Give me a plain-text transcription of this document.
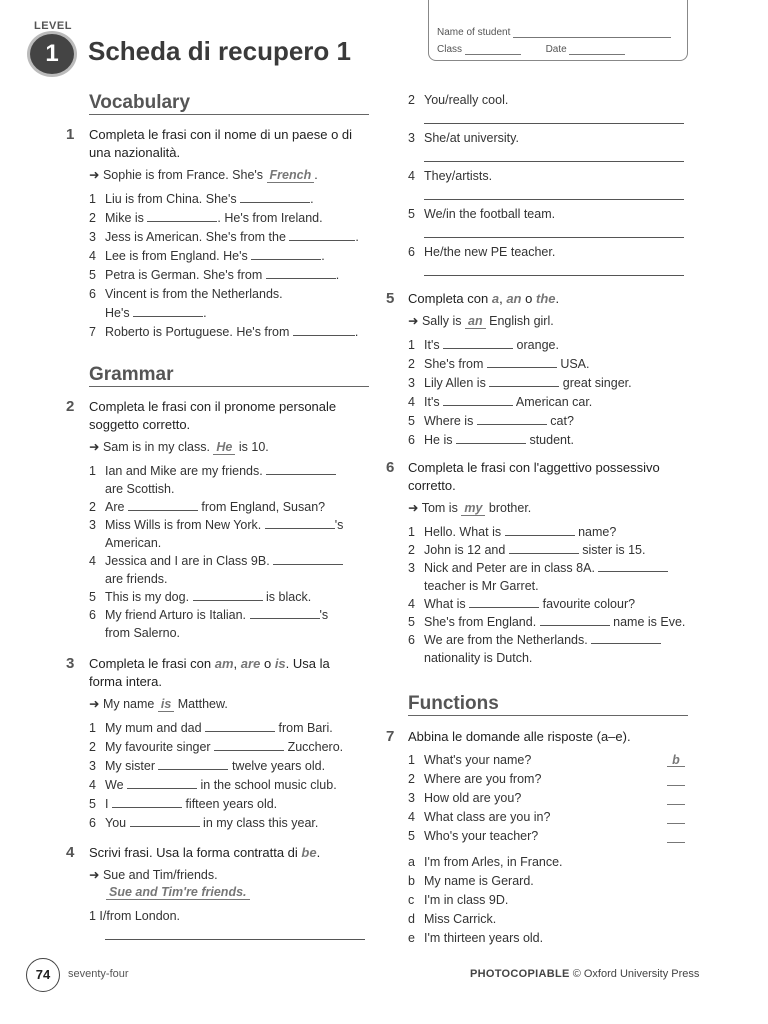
LEVEL
1	Scheda di recupero 1
Name of student
Class	Date
Vocabulary
1 Completa le frasi con il nome di un paese o di una nazionalità.
➜ Sophie is from France. She's French .
1 Liu is from China. She's	.
2 Mike is	. He's from Ireland.
3 Jess is American. She's from the	.
4 Lee is from England. He's	.
5 Petra is German. She's from	.
6 Vincent is from the Netherlands.
He's	.
7 Roberto is Portuguese. He's from	.
Grammar
2 Completa le frasi con il pronome personale soggetto corretto.
➜ Sam is in my class. He is 10.
1 Ian and Mike are my friends.
are Scottish.
2 Are	from England, Susan?
3 Miss Wills is from New York.	's
American.
4 Jessica and I are in Class 9B.
are friends.
5 This is my dog.	is black.
6 My friend Arturo is Italian.	's
from Salerno.
3 Completa le frasi con am, are o is. Usa la
forma intera.
➜ My name is Matthew.
1 My mum and dad	from Bari.
2 My favourite singer	Zucchero.
3 My sister	twelve years old.
4 We	in the school music club.
5 I	fifteen years old.
6 You	in my class this year.
4 Scrivi frasi. Usa la forma contratta di be.
➜ Sue and Tim/friends.
Sue and Tim're friends.
1 I/from London.
2 You/really cool.
3 She/at university.
4 They/artists.
5 We/in the football team.
6 He/the new PE teacher.
5 Completa con a, an o the.
➜ Sally is an English girl.
1 It's	orange.
2 She's from	USA.
3 Lily Allen is	great singer.
4 It's	American car.
5 Where is	cat?
6 He is	student.
6 Completa le frasi con l'aggettivo possessivo corretto.
➜ Tom is my brother.
1 Hello. What is	name?
2 John is 12 and	sister is 15.
3 Nick and Peter are in class 8A.
teacher is Mr Garret.
4 What is	favourite colour?
5 She's from England.	name is Eve.
6 We are from the Netherlands.
nationality is Dutch.
Functions
7 Abbina le domande alle risposte (a–e).
1 What's your name?	b
2 Where are you from?
3 How old are you?
4 What class are you in?
5 Who's your teacher?
a I'm from Arles, in France.
b My name is Gerard.
c I'm in class 9D.
d Miss Carrick.
e I'm thirteen years old.
74	seventy-four	PHOTOCOPIABLE © Oxford University Press
